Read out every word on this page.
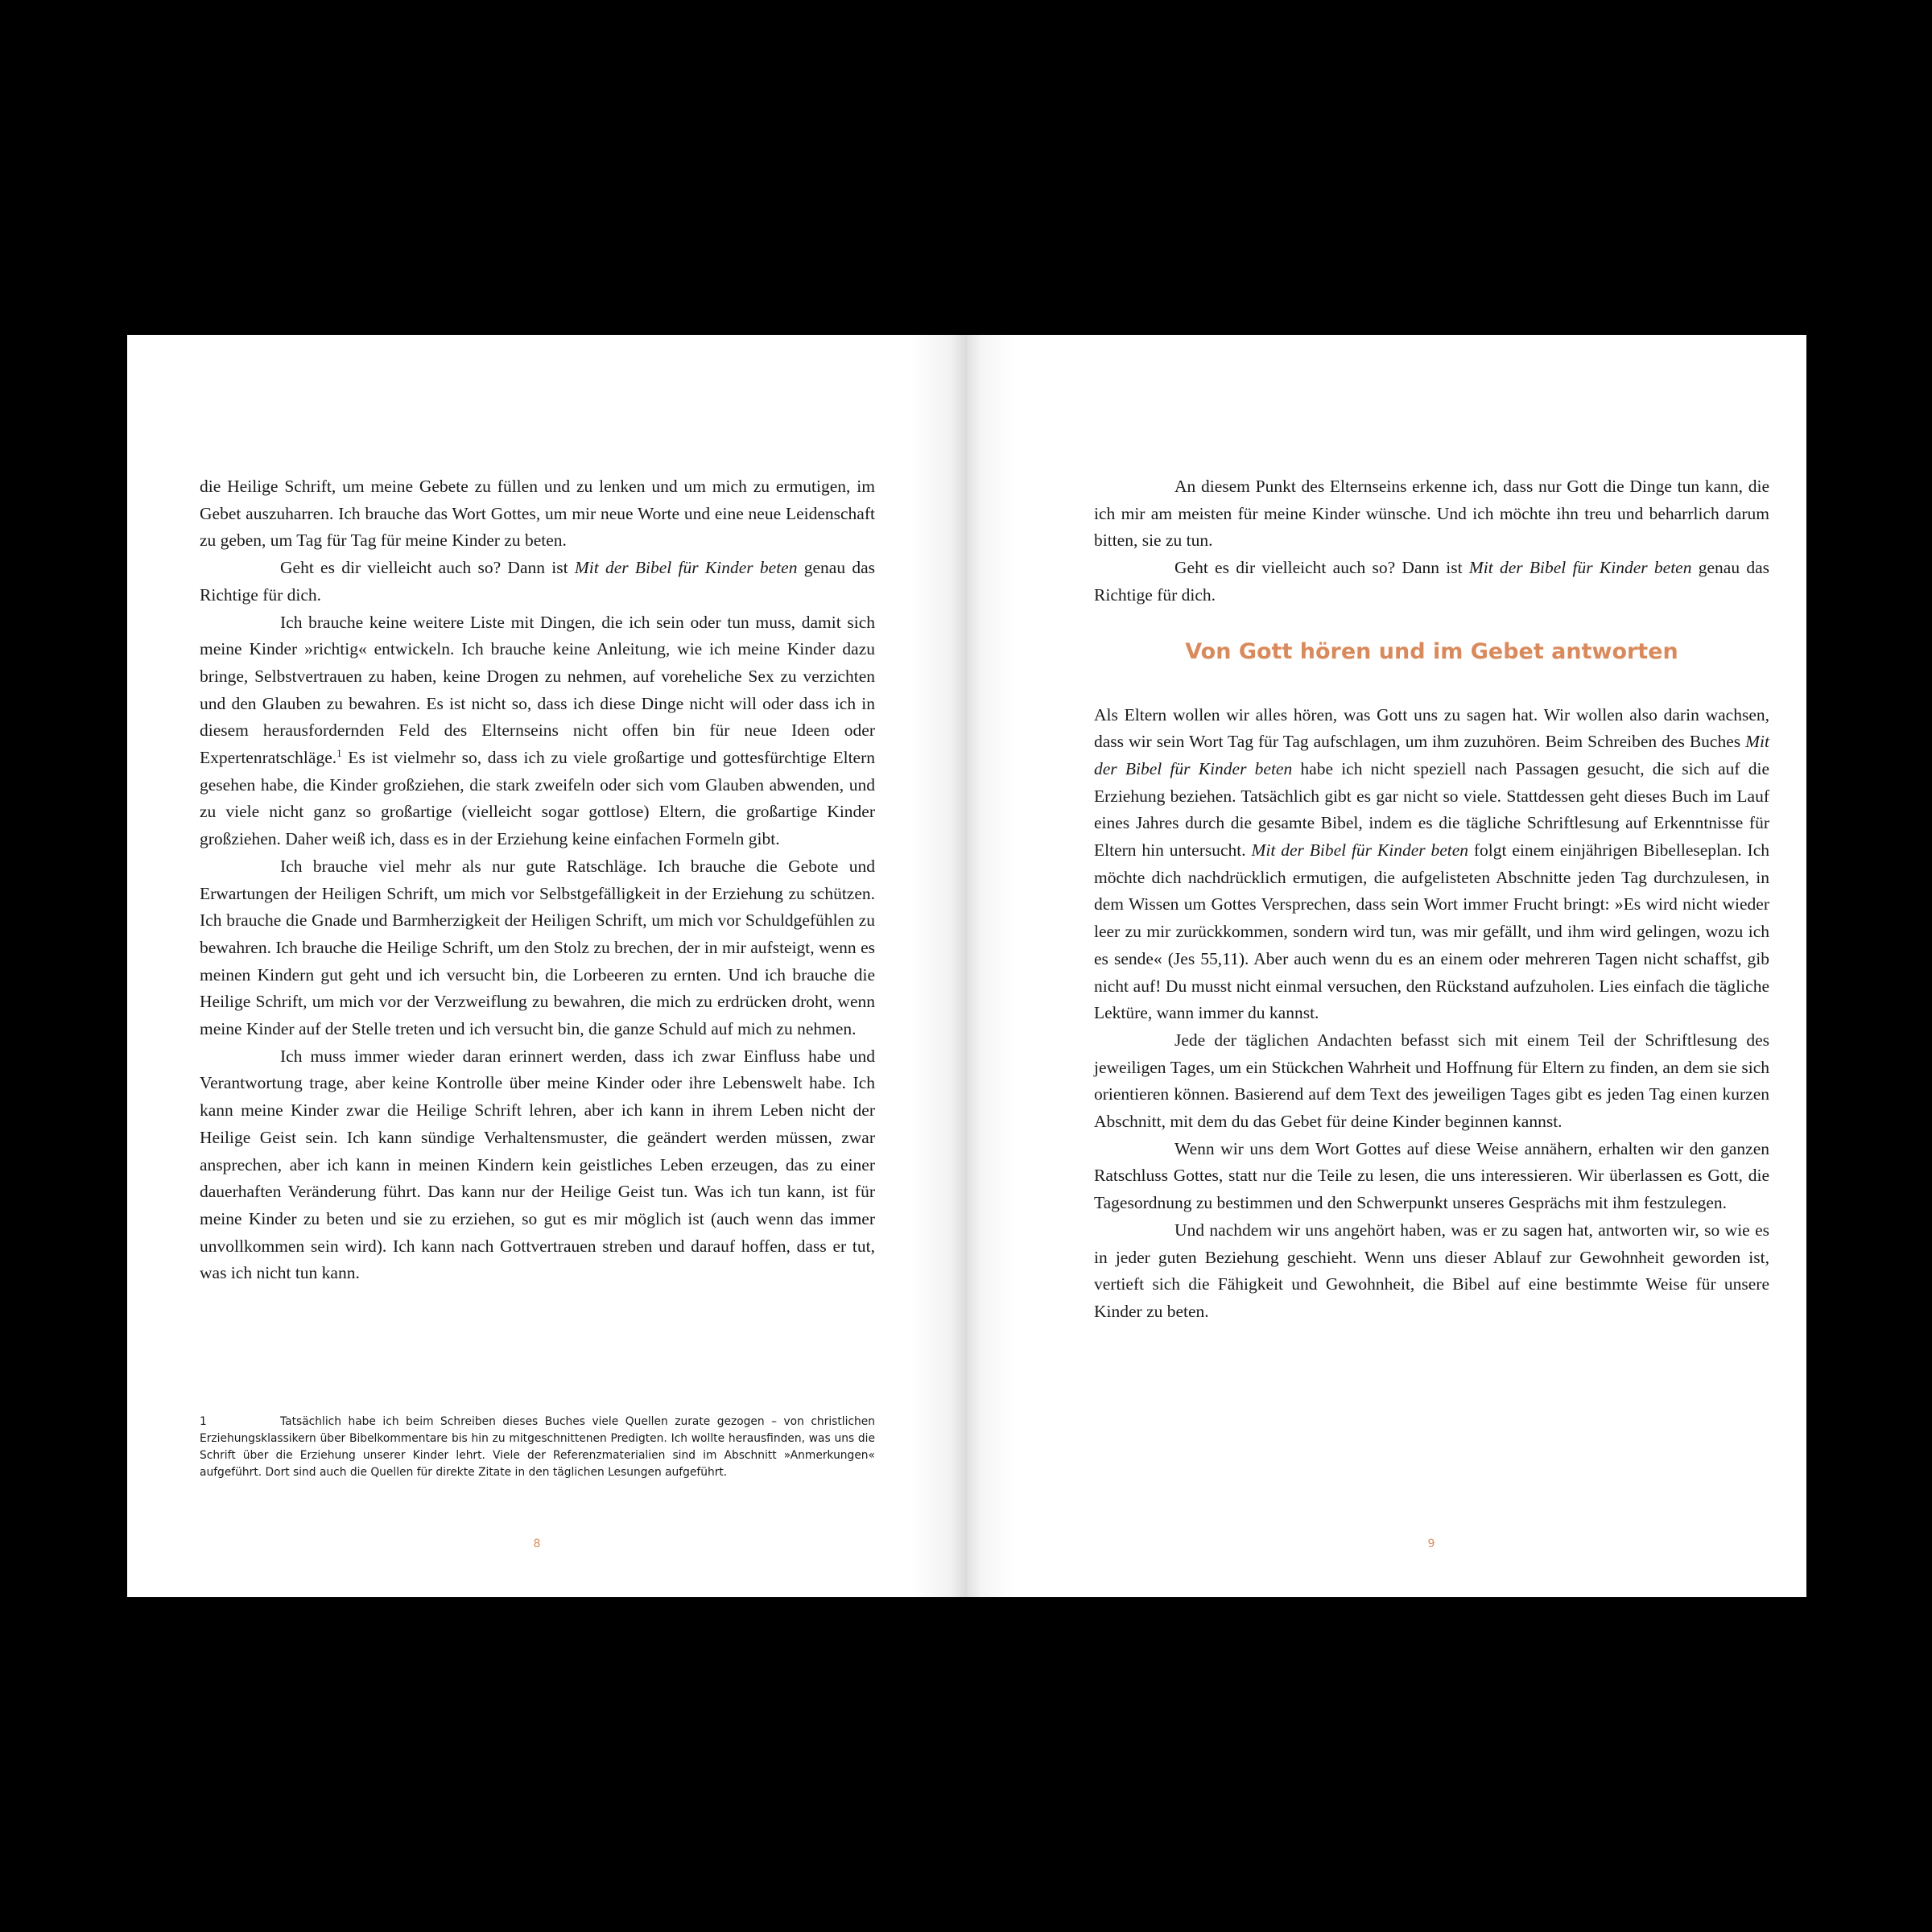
die Heilige Schrift, um meine Gebete zu füllen und zu lenken und um mich zu ermutigen, im Gebet auszuharren. Ich brauche das Wort Gottes, um mir neue Worte und eine neue Leidenschaft zu geben, um Tag für Tag für meine Kinder zu beten.

Geht es dir vielleicht auch so? Dann ist Mit der Bibel für Kinder beten genau das Richtige für dich.

Ich brauche keine weitere Liste mit Dingen, die ich sein oder tun muss, damit sich meine Kinder »richtig« entwickeln. Ich brauche keine Anleitung, wie ich meine Kinder dazu bringe, Selbstvertrauen zu haben, keine Drogen zu nehmen, auf voreheliche Sex zu verzichten und den Glauben zu bewahren. Es ist nicht so, dass ich diese Dinge nicht will oder dass ich in diesem herausfordernden Feld des Elternseins nicht offen bin für neue Ideen oder Expertenratschläge.$^1$ Es ist vielmehr so, dass ich zu viele großartige und gottesfürchtige Eltern gesehen habe, die Kinder großziehen, die stark zweifeln oder sich vom Glauben abwenden, und zu viele nicht ganz so großartige (vielleicht sogar gottlose) Eltern, die großartige Kinder großziehen. Daher weiß ich, dass es in der Erziehung keine einfachen Formeln gibt.

Ich brauche viel mehr als nur gute Ratschläge. Ich brauche die Gebote und Erwartungen der Heiligen Schrift, um mich vor Selbstgefälligkeit in der Erziehung zu schützen. Ich brauche die Gnade und Barmherzigkeit der Heiligen Schrift, um mich vor Schuldgefühlen zu bewahren. Ich brauche die Heilige Schrift, um den Stolz zu brechen, der in mir aufsteigt, wenn es meinen Kindern gut geht und ich versucht bin, die Lorbeeren zu ernten. Und ich brauche die Heilige Schrift, um mich vor der Verzweiflung zu bewahren, die mich zu erdrücken droht, wenn meine Kinder auf der Stelle treten und ich versucht bin, die ganze Schuld auf mich zu nehmen.

Ich muss immer wieder daran erinnert werden, dass ich zwar Einfluss habe und Verantwortung trage, aber keine Kontrolle über meine Kinder oder ihre Lebenswelt habe. Ich kann meine Kinder zwar die Heilige Schrift lehren, aber ich kann in ihrem Leben nicht der Heilige Geist sein. Ich kann sündige Verhaltensmuster, die geändert werden müssen, zwar ansprechen, aber ich kann in meinen Kindern kein geistliches Leben erzeugen, das zu einer dauerhaften Veränderung führt. Das kann nur der Heilige Geist tun. Was ich tun kann, ist für meine Kinder zu beten und sie zu erziehen, so gut es mir möglich ist (auch wenn das immer unvollkommen sein wird). Ich kann nach Gottvertrauen streben und darauf hoffen, dass er tut, was ich nicht tun kann.

1	Tatsächlich habe ich beim Schreiben dieses Buches viele Quellen zurate gezogen – von christlichen Erziehungsklassikern über Bibelkommentare bis hin zu mitgeschnittenen Predigten. Ich wollte herausfinden, was uns die Schrift über die Erziehung unserer Kinder lehrt. Viele der Referenzmaterialien sind im Abschnitt »Anmerkungen« aufgeführt. Dort sind auch die Quellen für direkte Zitate in den täglichen Lesungen aufgeführt.
8

An diesem Punkt des Elternseins erkenne ich, dass nur Gott die Dinge tun kann, die ich mir am meisten für meine Kinder wünsche. Und ich möchte ihn treu und beharrlich darum bitten, sie zu tun.

Geht es dir vielleicht auch so? Dann ist Mit der Bibel für Kinder beten genau das Richtige für dich.

Von Gott hören und im Gebet antworten

Als Eltern wollen wir alles hören, was Gott uns zu sagen hat. Wir wollen also darin wachsen, dass wir sein Wort Tag für Tag aufschlagen, um ihm zuzuhören. Beim Schreiben des Buches Mit der Bibel für Kinder beten habe ich nicht speziell nach Passagen gesucht, die sich auf die Erziehung beziehen. Tatsächlich gibt es gar nicht so viele. Stattdessen geht dieses Buch im Lauf eines Jahres durch die gesamte Bibel, indem es die tägliche Schriftlesung auf Erkenntnisse für Eltern hin untersucht. Mit der Bibel für Kinder beten folgt einem einjährigen Bibelleseplan. Ich möchte dich nachdrücklich ermutigen, die aufgelisteten Abschnitte jeden Tag durchzulesen, in dem Wissen um Gottes Versprechen, dass sein Wort immer Frucht bringt: »Es wird nicht wieder leer zu mir zurückkommen, sondern wird tun, was mir gefällt, und ihm wird gelingen, wozu ich es sende« (Jes 55,11). Aber auch wenn du es an einem oder mehreren Tagen nicht schaffst, gib nicht auf! Du musst nicht einmal versuchen, den Rückstand aufzuholen. Lies einfach die tägliche Lektüre, wann immer du kannst.

Jede der täglichen Andachten befasst sich mit einem Teil der Schriftlesung des jeweiligen Tages, um ein Stückchen Wahrheit und Hoffnung für Eltern zu finden, an dem sie sich orientieren können. Basierend auf dem Text des jeweiligen Tages gibt es jeden Tag einen kurzen Abschnitt, mit dem du das Gebet für deine Kinder beginnen kannst.

Wenn wir uns dem Wort Gottes auf diese Weise annähern, erhalten wir den ganzen Ratschluss Gottes, statt nur die Teile zu lesen, die uns interessieren. Wir überlassen es Gott, die Tagesordnung zu bestimmen und den Schwerpunkt unseres Gesprächs mit ihm festzulegen.

Und nachdem wir uns angehört haben, was er zu sagen hat, antworten wir, so wie es in jeder guten Beziehung geschieht. Wenn uns dieser Ablauf zur Gewohnheit geworden ist, vertieft sich die Fähigkeit und Gewohnheit, die Bibel auf eine bestimmte Weise für unsere Kinder zu beten.

9
